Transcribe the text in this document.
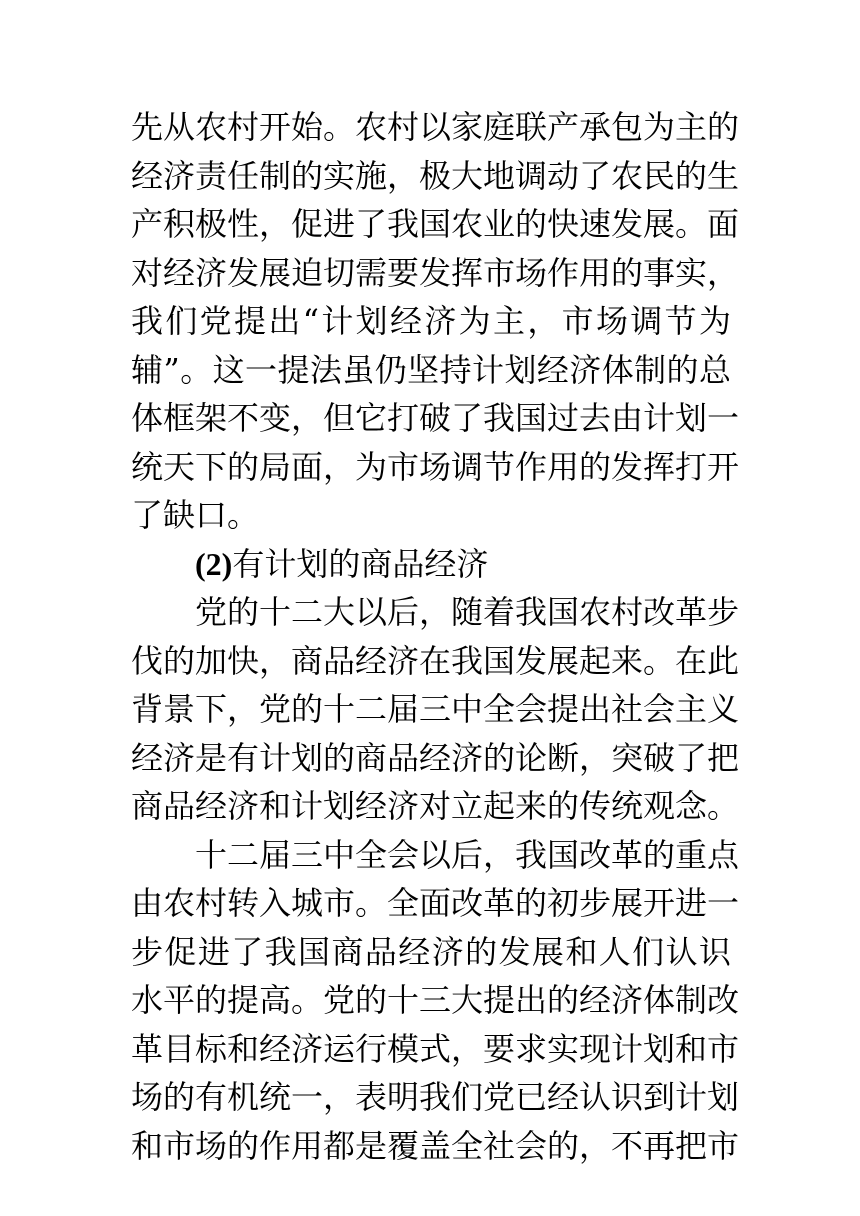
先从农村开始。农村以家庭联产承包为主的
经济责任制的实施，极大地调动了农民的生
产积极性，促进了我国农业的快速发展。面
对经济发展迫切需要发挥市场作用的事实，
我们党提出“计划经济为主，市场调节为
辅”。这一提法虽仍坚持计划经济体制的总
体框架不变，但它打破了我国过去由计划一
统天下的局面，为市场调节作用的发挥打开
了缺口。
(2)有计划的商品经济
党的十二大以后，随着我国农村改革步
伐的加快，商品经济在我国发展起来。在此
背景下，党的十二届三中全会提出社会主义
经济是有计划的商品经济的论断，突破了把
商品经济和计划经济对立起来的传统观念。
十二届三中全会以后，我国改革的重点
由农村转入城市。全面改革的初步展开进一
步促进了我国商品经济的发展和人们认识
水平的提高。党的十三大提出的经济体制改
革目标和经济运行模式，要求实现计划和市
场的有机统一，表明我们党已经认识到计划
和市场的作用都是覆盖全社会的，不再把市
